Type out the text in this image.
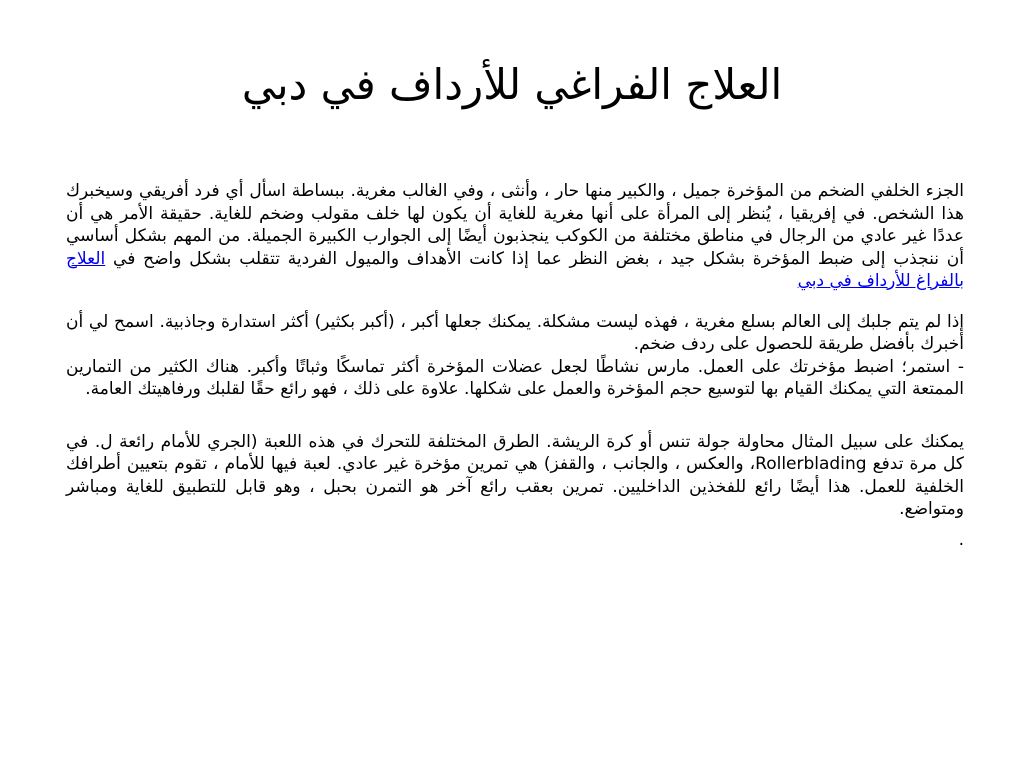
العلاج الفراغي للأرداف في دبي

الجزء الخلفي الضخم من المؤخرة جميل ، والكبير منها حار ، وأنثى ، وفي الغالب مغرية. ببساطة اسأل أي فرد أفريقي وسيخبرك هذا الشخص. في إفريقيا ، يُنظر إلى المرأة على أنها مغرية للغاية أن يكون لها خلف مقولب وضخم للغاية. حقيقة الأمر هي أن عددًا غير عادي من الرجال في مناطق مختلفة من الكوكب ينجذبون أيضًا إلى الجوارب الكبيرة الجميلة. من المهم بشكل أساسي أن ننجذب إلى ضبط المؤخرة بشكل جيد ، بغض النظر عما إذا كانت الأهداف والميول الفردية تتقلب بشكل واضح في العلاج بالفراغ للأرداف في دبي

إذا لم يتم جلبك إلى العالم بسلع مغرية ، فهذه ليست مشكلة. يمكنك جعلها أكبر ، (أكبر بكثير) أكثر استدارة وجاذبية. اسمح لي أن أخبرك بأفضل طريقة للحصول على ردف ضخم.

- استمر؛ اضبط مؤخرتك على العمل. مارس نشاطًا لجعل عضلات المؤخرة أكثر تماسكًا وثباتًا وأكبر. هناك الكثير من التمارين الممتعة التي يمكنك القيام بها لتوسيع حجم المؤخرة والعمل على شكلها. علاوة على ذلك ، فهو رائع حقًا لقلبك ورفاهيتك العامة.

يمكنك على سبيل المثال محاولة جولة تنس أو كرة الريشة. الطرق المختلفة للتحرك في هذه اللعبة (الجري للأمام رائعة ل. في كل مرة تدفع Rollerblading، والعكس ، والجانب ، والقفز) هي تمرين مؤخرة غير عادي. لعبة فيها للأمام ، تقوم بتعيين أطرافك الخلفية للعمل. هذا أيضًا رائع للفخذين الداخليين. تمرين بعقب رائع آخر هو التمرن بحبل ، وهو قابل للتطبيق للغاية ومباشر ومتواضع.

.
